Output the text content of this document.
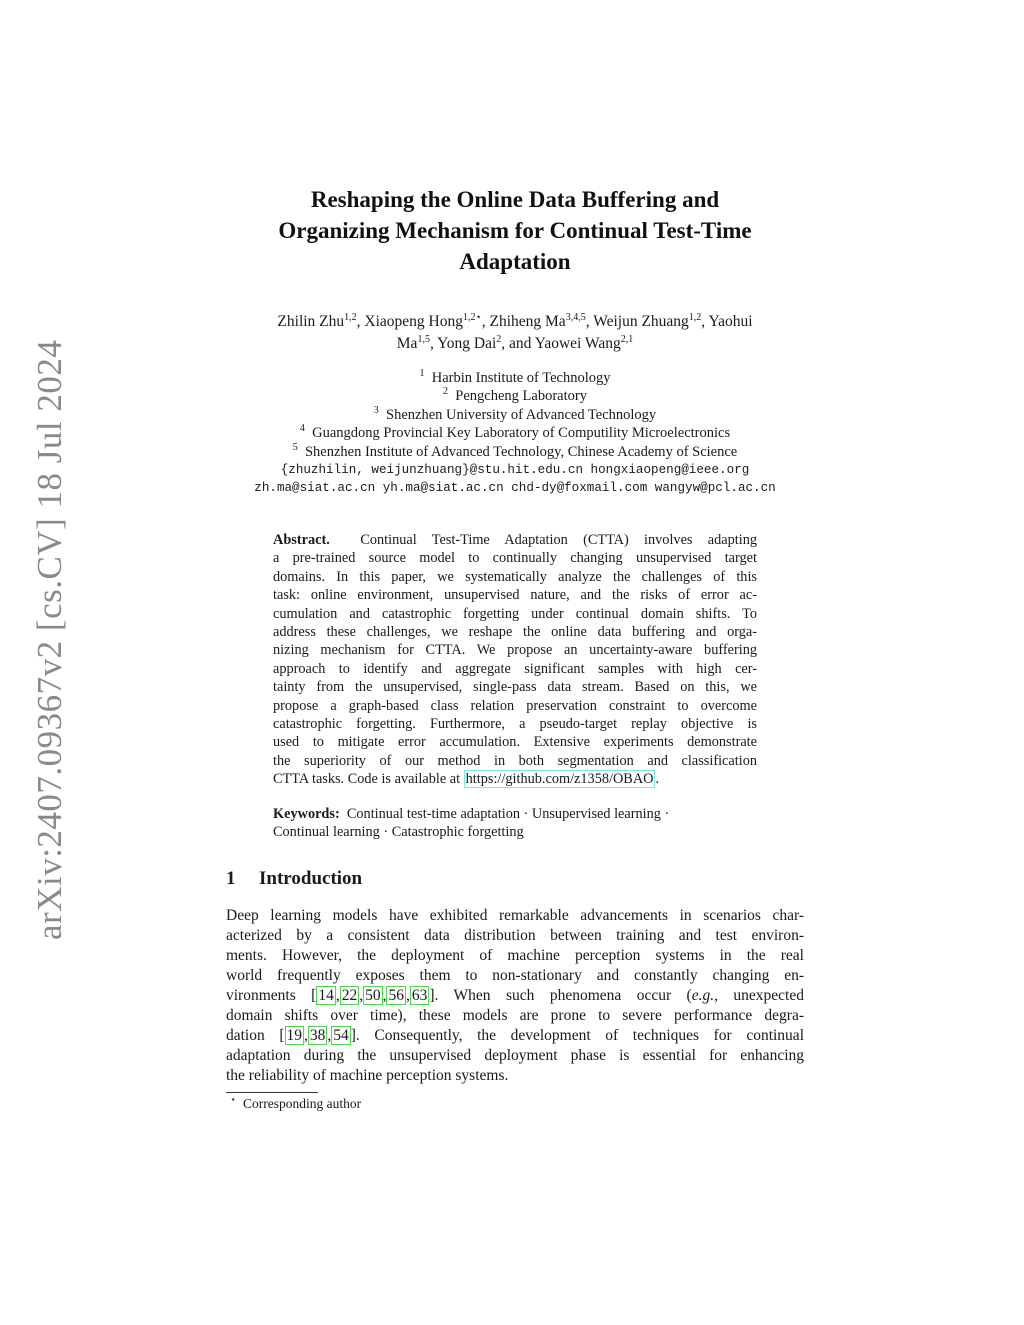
arXiv:2407.09367v2 [cs.CV] 18 Jul 2024
Reshaping the Online Data Buffering and
Organizing Mechanism for Continual Test-Time
Adaptation
Zhilin Zhu$^{1,2}$, Xiaopeng Hong$^{1,2⋆}$, Zhiheng Ma$^{3,4,5}$, Weijun Zhuang$^{1,2}$, Yaohui
Ma$^{1,5}$, Yong Dai$^2$, and Yaowei Wang$^{2,1}$
$^1$ Harbin Institute of Technology
$^2$ Pengcheng Laboratory
$^3$ Shenzhen University of Advanced Technology
$^4$ Guangdong Provincial Key Laboratory of Computility Microelectronics
$^5$ Shenzhen Institute of Advanced Technology, Chinese Academy of Science
{zhuzhilin, weijunzhuang}@stu.hit.edu.cn hongxiaopeng@ieee.org
zh.ma@siat.ac.cn yh.ma@siat.ac.cn chd-dy@foxmail.com wangyw@pcl.ac.cn
Abstract. Continual Test-Time Adaptation (CTTA) involves adapting
a pre-trained source model to continually changing unsupervised target
domains. In this paper, we systematically analyze the challenges of this
task: online environment, unsupervised nature, and the risks of error ac-
cumulation and catastrophic forgetting under continual domain shifts. To
address these challenges, we reshape the online data buffering and orga-
nizing mechanism for CTTA. We propose an uncertainty-aware buffering
approach to identify and aggregate significant samples with high cer-
tainty from the unsupervised, single-pass data stream. Based on this, we
propose a graph-based class relation preservation constraint to overcome
catastrophic forgetting. Furthermore, a pseudo-target replay objective is
used to mitigate error accumulation. Extensive experiments demonstrate
the superiority of our method in both segmentation and classification
CTTA tasks. Code is available at https://github.com/z1358/OBAO .
Keywords: Continual test-time adaptation · Unsupervised learning ·
Continual learning · Catastrophic forgetting
1 Introduction
Deep learning models have exhibited remarkable advancements in scenarios char-
acterized by a consistent data distribution between training and test environ-
ments. However, the deployment of machine perception systems in the real
world frequently exposes them to non-stationary and constantly changing en-
vironments [ 14 , 22 , 50 , 56 , 63 ]. When such phenomena occur (e.g., unexpected
domain shifts over time), these models are prone to severe performance degra-
dation [ 19 , 38 , 54 ]. Consequently, the development of techniques for continual
adaptation during the unsupervised deployment phase is essential for enhancing
the reliability of machine perception systems.
⋆ Corresponding author
